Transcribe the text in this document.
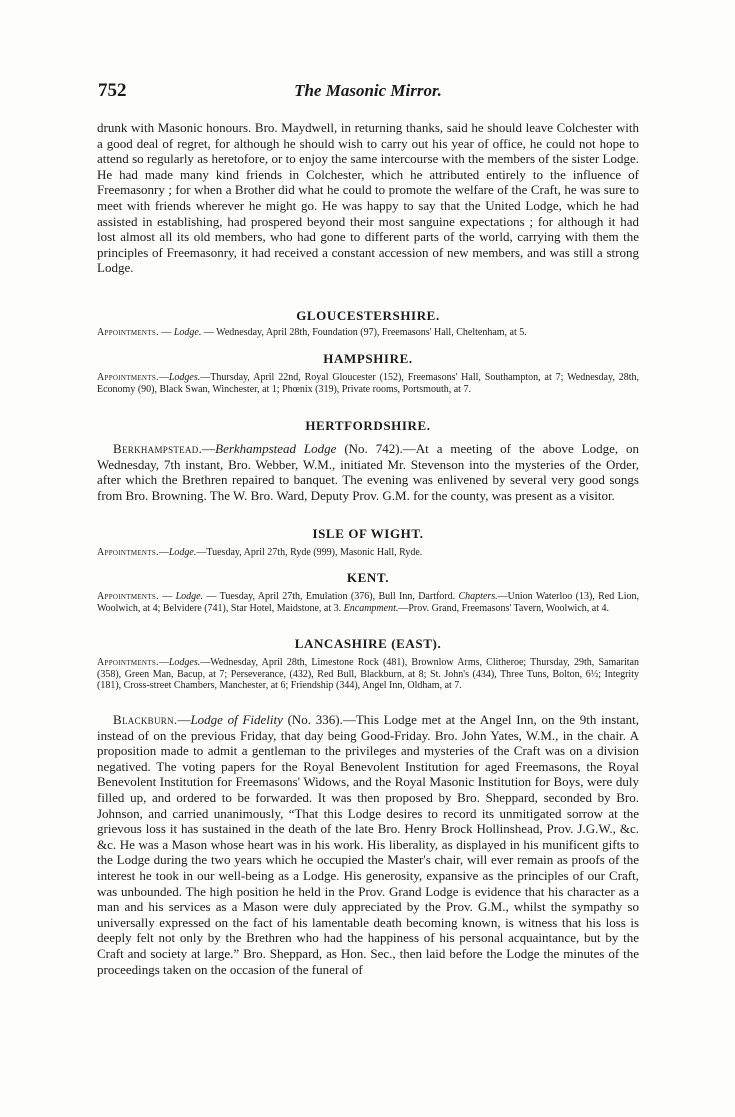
752	The Masonic Mirror.

drunk with Masonic honours. Bro. Maydwell, in returning thanks, said he should leave Colchester with a good deal of regret, for although he should wish to carry out his year of office, he could not hope to attend so regularly as heretofore, or to enjoy the same intercourse with the members of the sister Lodge. He had made many kind friends in Colchester, which he attributed entirely to the influence of Freemasonry ; for when a Brother did what he could to promote the welfare of the Craft, he was sure to meet with friends wherever he might go. He was happy to say that the United Lodge, which he had assisted in establishing, had prospered beyond their most sanguine expectations ; for although it had lost almost all its old members, who had gone to different parts of the world, carrying with them the principles of Freemasonry, it had received a constant accession of new members, and was still a strong Lodge.

GLOUCESTERSHIRE.

Appointments. — Lodge. — Wednesday, April 28th, Foundation (97), Freemasons' Hall, Cheltenham, at 5.

HAMPSHIRE.

Appointments.—Lodges.—Thursday, April 22nd, Royal Gloucester (152), Freemasons' Hall, Southampton, at 7; Wednesday, 28th, Economy (90), Black Swan, Winchester, at 1; Phœnix (319), Private rooms, Portsmouth, at 7.

HERTFORDSHIRE.

Berkhampstead.—Berkhampstead Lodge (No. 742).—At a meeting of the above Lodge, on Wednesday, 7th instant, Bro. Webber, W.M., initiated Mr. Stevenson into the mysteries of the Order, after which the Brethren repaired to banquet. The evening was enlivened by several very good songs from Bro. Browning. The W. Bro. Ward, Deputy Prov. G.M. for the county, was present as a visitor.

ISLE OF WIGHT.

Appointments.—Lodge.—Tuesday, April 27th, Ryde (999), Masonic Hall, Ryde.

KENT.

Appointments. — Lodge. — Tuesday, April 27th, Emulation (376), Bull Inn, Dartford. Chapters.—Union Waterloo (13), Red Lion, Woolwich, at 4; Belvidere (741), Star Hotel, Maidstone, at 3. Encampment.—Prov. Grand, Freemasons' Tavern, Woolwich, at 4.

LANCASHIRE (EAST).

Appointments.—Lodges.—Wednesday, April 28th, Limestone Rock (481), Brownlow Arms, Clitheroe; Thursday, 29th, Samaritan (358), Green Man, Bacup, at 7; Perseverance, (432), Red Bull, Blackburn, at 8; St. John's (434), Three Tuns, Bolton, 6½; Integrity (181), Cross-street Chambers, Manchester, at 6; Friendship (344), Angel Inn, Oldham, at 7.

Blackburn.—Lodge of Fidelity (No. 336).—This Lodge met at the Angel Inn, on the 9th instant, instead of on the previous Friday, that day being Good-Friday. Bro. John Yates, W.M., in the chair. A proposition made to admit a gentleman to the privileges and mysteries of the Craft was on a division negatived. The voting papers for the Royal Benevolent Institution for aged Freemasons, the Royal Benevolent Institution for Freemasons' Widows, and the Royal Masonic Institution for Boys, were duly filled up, and ordered to be forwarded. It was then proposed by Bro. Sheppard, seconded by Bro. Johnson, and carried unanimously, “That this Lodge desires to record its unmitigated sorrow at the grievous loss it has sustained in the death of the late Bro. Henry Brock Hollinshead, Prov. J.G.W., &c. &c. He was a Mason whose heart was in his work. His liberality, as displayed in his munificent gifts to the Lodge during the two years which he occupied the Master's chair, will ever remain as proofs of the interest he took in our well-being as a Lodge. His generosity, expansive as the principles of our Craft, was unbounded. The high position he held in the Prov. Grand Lodge is evidence that his character as a man and his services as a Mason were duly appreciated by the Prov. G.M., whilst the sympathy so universally expressed on the fact of his lamentable death becoming known, is witness that his loss is deeply felt not only by the Brethren who had the happiness of his personal acquaintance, but by the Craft and society at large.” Bro. Sheppard, as Hon. Sec., then laid before the Lodge the minutes of the proceedings taken on the occasion of the funeral of
